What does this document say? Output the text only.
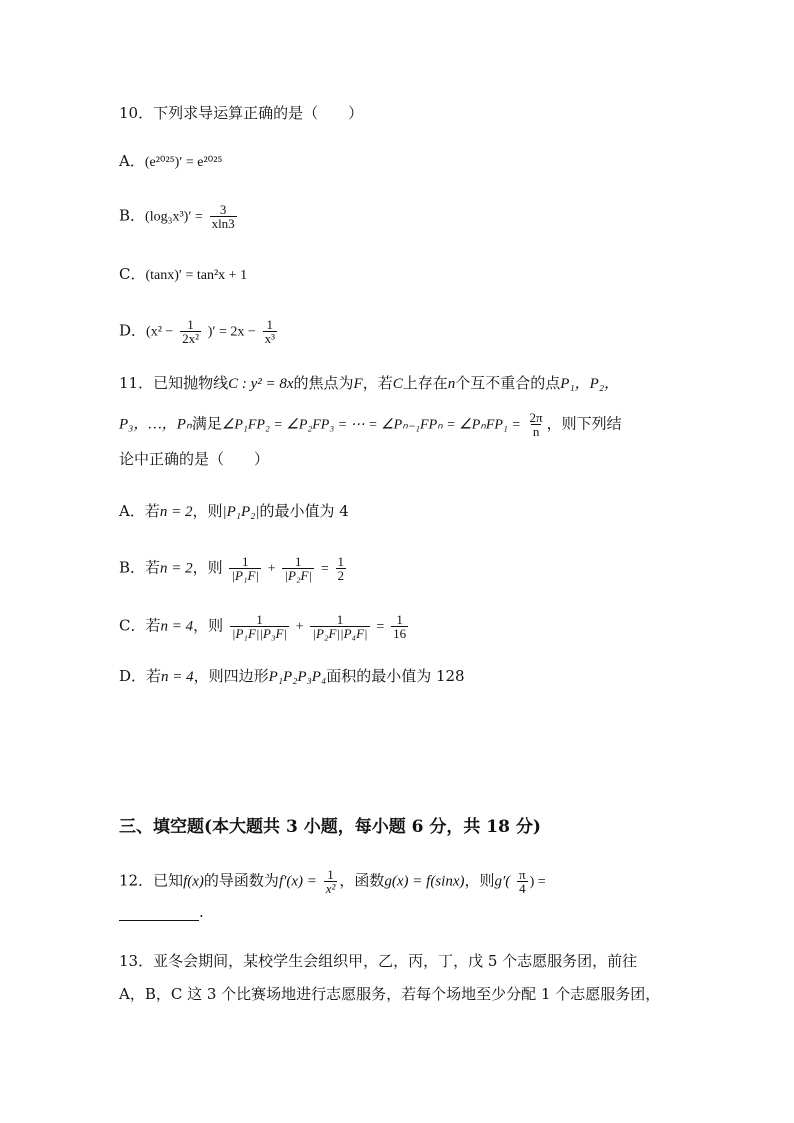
10．下列求导运算正确的是（　　）
A．(e²⁰²⁵)′ = e²⁰²⁵
B．$(\log_3x^3)' = \frac{3}{xln3}$
C．(tanx)′ = tan²x + 1
D．($x^2 - \frac{1}{\text{2x²}}$ )′ = $2x - \frac{1}{\text{x³}}$
11．已知抛物线C : y² = 8x的焦点为F，若C上存在n个互不重合的点P₁，P₂，
P₃，…，Pₙ满足∠P₁FP₂ = ∠P₂FP₃ = ⋯ = ∠Pₙ₋₁FPₙ = ∠PₙFP₁ = $\frac{2\pi}{n}$ ，则下列结
论中正确的是（　　）
A．若n = 2，则|P₁P₂|的最小值为 4
B．若n = 2，则 $\frac{1}{\text{|P₁F|}} + \frac{1}{\text{|P₂F|}} = \frac{1}{2}$
C．若n = 4，则 $\frac{1}{\text{|P₁F||P₃F|}} + \frac{1}{\text{|P₂F||P₄F|}} = \frac{1}{16}$
D．若n = 4，则四边形P₁P₂P₃P₄面积的最小值为 128
三、填空题(本大题共 3 小题，每小题 6 分，共 18 分)
12．已知f(x)的导函数为$f'(x) = \frac{1}{\text{x²}}$ ，函数g(x) = f(sinx)，则$g'( \frac{\pi}{4}$ ) =
.
13．亚冬会期间，某校学生会组织甲，乙，丙，丁，戊 5 个志愿服务团，前往
A，B，C 这 3 个比赛场地进行志愿服务，若每个场地至少分配 1 个志愿服务团，
